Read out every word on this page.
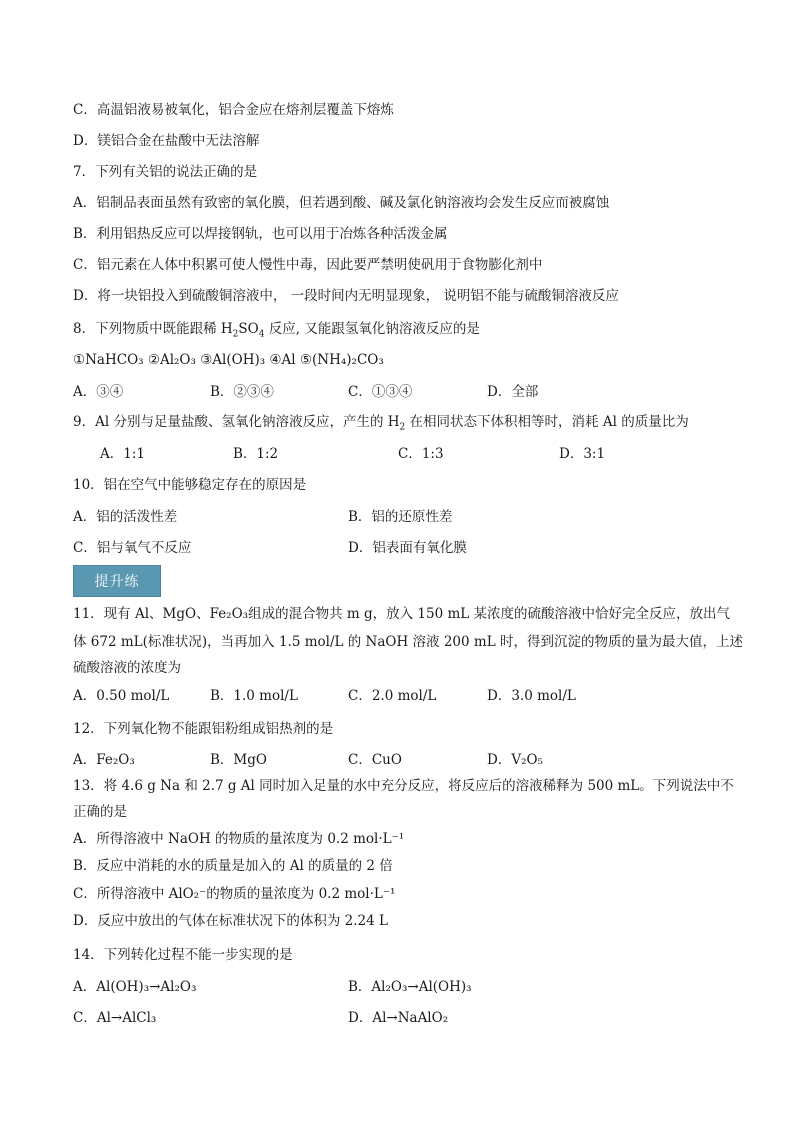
C．高温铝液易被氧化，铝合金应在熔剂层覆盖下熔炼
D．镁铝合金在盐酸中无法溶解
7．下列有关铝的说法正确的是
A．铝制品表面虽然有致密的氧化膜，但若遇到酸、碱及氯化钠溶液均会发生反应而被腐蚀
B．利用铝热反应可以焊接钢轨，也可以用于冶炼各种活泼金属
C．铝元素在人体中积累可使人慢性中毒，因此要严禁明使矾用于食物膨化剂中
D．将一块铝投入到硫酸铜溶液中， 一段时间内无明显现象， 说明铝不能与硫酸铜溶液反应
8．下列物质中既能跟稀 $H_2SO_4$ 反应, 又能跟氢氧化钠溶液反应的是
①NaHCO₃ ②Al₂O₃ ③Al(OH)₃ ④Al ⑤(NH₄)₂CO₃
A．③④	B．②③④	C．①③④	D．全部
9．Al 分别与足量盐酸、氢氧化钠溶液反应，产生的 $H_2$ 在相同状态下体积相等时，消耗 Al 的质量比为
A．1:1	B．1:2	C．1:3	D．3:1
10．铝在空气中能够稳定存在的原因是
A．铝的活泼性差	B．铝的还原性差
C．铝与氧气不反应	D．铝表面有氧化膜
提升练
11．现有 Al、MgO、Fe₂O₃组成的混合物共 m g，放入 150 mL 某浓度的硫酸溶液中恰好完全反应，放出气
体 672 mL(标准状况)，当再加入 1.5 mol/L 的 NaOH 溶液 200 mL 时，得到沉淀的物质的量为最大值，上述
硫酸溶液的浓度为
A．0.50 mol/L	B．1.0 mol/L	C．2.0 mol/L	D．3.0 mol/L
12．下列氧化物不能跟铝粉组成铝热剂的是
A．Fe₂O₃	B．MgO	C．CuO	D．V₂O₅
13．将 4.6 g Na 和 2.7 g Al 同时加入足量的水中充分反应，将反应后的溶液稀释为 500 mL。下列说法中不
正确的是
A．所得溶液中 NaOH 的物质的量浓度为 0.2 mol·L⁻¹
B．反应中消耗的水的质量是加入的 Al 的质量的 2 倍
C．所得溶液中 AlO₂⁻的物质的量浓度为 0.2 mol·L⁻¹
D．反应中放出的气体在标准状况下的体积为 2.24 L
14．下列转化过程不能一步实现的是
A．Al(OH)₃→Al₂O₃	B．Al₂O₃→Al(OH)₃
C．Al→AlCl₃	D．Al→NaAlO₂
